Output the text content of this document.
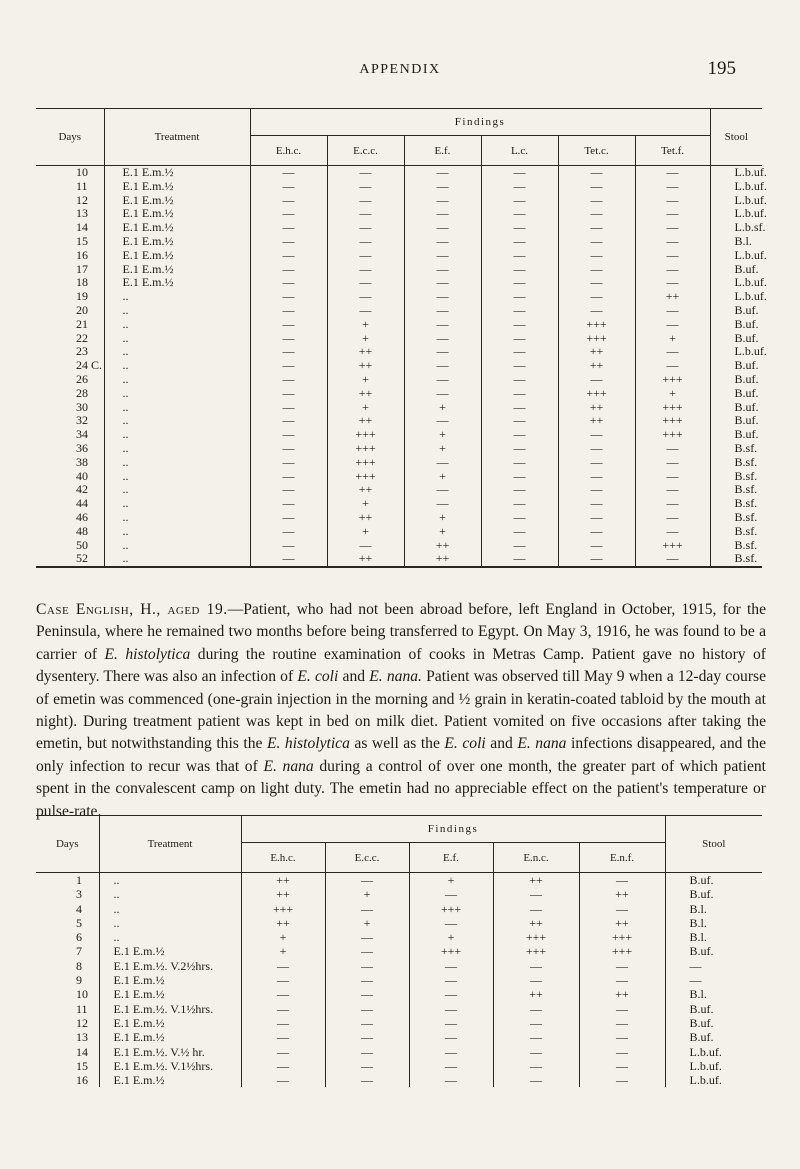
APPENDIX	195
Days	Treatment	Findings						Stool
		E.h.c.	E.c.c.	E.f.	L.c.	Tet.c.	Tet.f.	
10	E.1 E.m.½	—	—	—	—	—	—	L.b.uf.
11	E.1 E.m.½	—	—	—	—	—	—	L.b.uf.
12	E.1 E.m.½	—	—	—	—	—	—	L.b.uf.
13	E.1 E.m.½	—	—	—	—	—	—	L.b.uf.
14	E.1 E.m.½	—	—	—	—	—	—	L.b.sf.
15	E.1 E.m.½	—	—	—	—	—	—	B.l.
16	E.1 E.m.½	—	—	—	—	—	—	L.b.uf.
17	E.1 E.m.½	—	—	—	—	—	—	B.uf.
18	E.1 E.m.½	—	—	—	—	—	—	L.b.uf.
19	..	—	—	—	—	—	++	L.b.uf.
20	..	—	—	—	—	—	—	B.uf.
21	..	—	+	—	—	+++	—	B.uf.
22	..	—	+	—	—	+++	+	B.uf.
23	..	—	++	—	—	++	—	L.b.uf.
24 C.	..	—	++	—	—	++	—	B.uf.
26	..	—	+	—	—	—	+++	B.uf.
28	..	—	++	—	—	+++	+	B.uf.
30	..	—	+	+	—	++	+++	B.uf.
32	..	—	++	—	—	++	+++	B.uf.
34	..	—	+++	+	—	—	+++	B.uf.
36	..	—	+++	+	—	—	—	B.sf.
38	..	—	+++	—	—	—	—	B.sf.
40	..	—	+++	+	—	—	—	B.sf.
42	..	—	++	—	—	—	—	B.sf.
44	..	—	+	—	—	—	—	B.sf.
46	..	—	++	+	—	—	—	B.sf.
48	..	—	+	+	—	—	—	B.sf.
50	..	—	—	++	—	—	+++	B.sf.
52	..	—	++	++	—	—	—	B.sf.

Case English, H., aged 19.—Patient, who had not been abroad before, left England in October, 1915, for the Peninsula, where he remained two months before being transferred to Egypt. On May 3, 1916, he was found to be a carrier of E. histolytica during the routine examination of cooks in Metras Camp. Patient gave no history of dysentery. There was also an infection of E. coli and E. nana. Patient was observed till May 9 when a 12-day course of emetin was commenced (one-grain injection in the morning and ½ grain in keratin-coated tabloid by the mouth at night). During treatment patient was kept in bed on milk diet. Patient vomited on five occasions after taking the emetin, but notwithstanding this the E. histolytica as well as the E. coli and E. nana infections disappeared, and the only infection to recur was that of E. nana during a control of over one month, the greater part of which patient spent in the convalescent camp on light duty. The emetin had no appreciable effect on the patient's temperature or pulse-rate.

Days	Treatment	Findings					Stool
		E.h.c.	E.c.c.	E.f.	E.n.c.	E.n.f.	
1	..	++	—	+	++	—	B.uf.
3	..	++	+	—	—	++	B.uf.
4	..	+++	—	+++	—	—	B.l.
5	..	++	+	—	++	++	B.l.
6	..	+	—	+	+++	+++	B.l.
7	E.1 E.m.½	+	—	+++	+++	+++	B.uf.
8	E.1 E.m.½. V.2½hrs.	—	—	—	—	—	—
9	E.1 E.m.½	—	—	—	—	—	—
10	E.1 E.m.½	—	—	—	++	++	B.l.
11	E.1 E.m.½. V.1½hrs.	—	—	—	—	—	B.uf.
12	E.1 E.m.½	—	—	—	—	—	B.uf.
13	E.1 E.m.½	—	—	—	—	—	B.uf.
14	E.1 E.m.½. V.½ hr.	—	—	—	—	—	L.b.uf.
15	E.1 E.m.½. V.1½hrs.	—	—	—	—	—	L.b.uf.
16	E.1 E.m.½	—	—	—	—	—	L.b.uf.
